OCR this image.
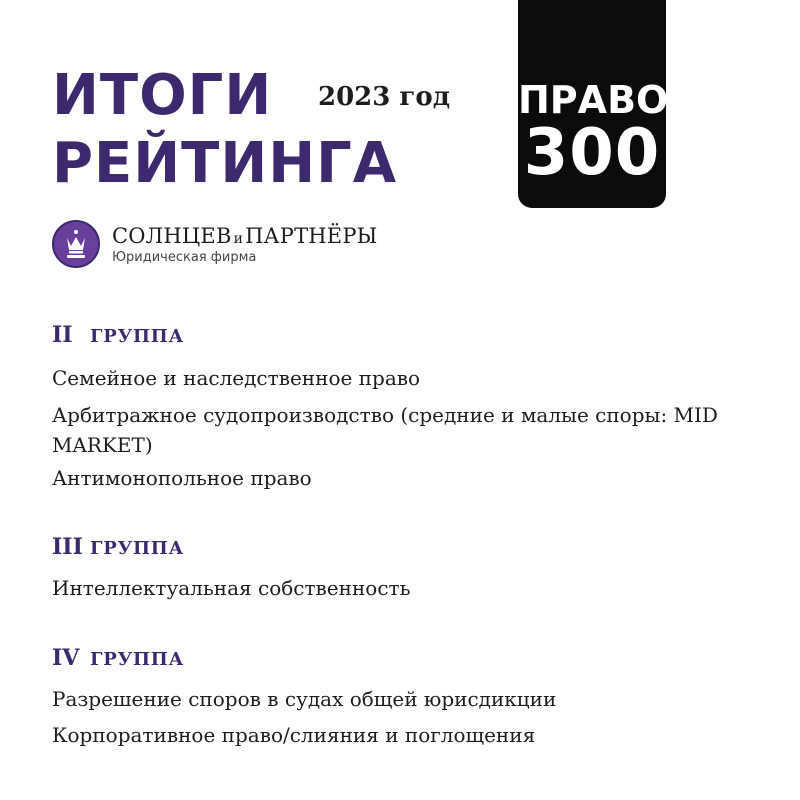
ИТОГИ
РЕЙТИНГА
2023 год ПРАВО
300
СОЛНЦЕВ иПАРТНЁРЫ
Юридическая фирма
II ГРУППА
Семейное и наследственное право
Арбитражное судопроизводство (средние и малые споры: MID MARKET)
Антимонопольное право
III ГРУППА
Интеллектуальная собственность
IV ГРУППА
Разрешение споров в судах общей юрисдикции
Корпоративное право/слияния и поглощения
